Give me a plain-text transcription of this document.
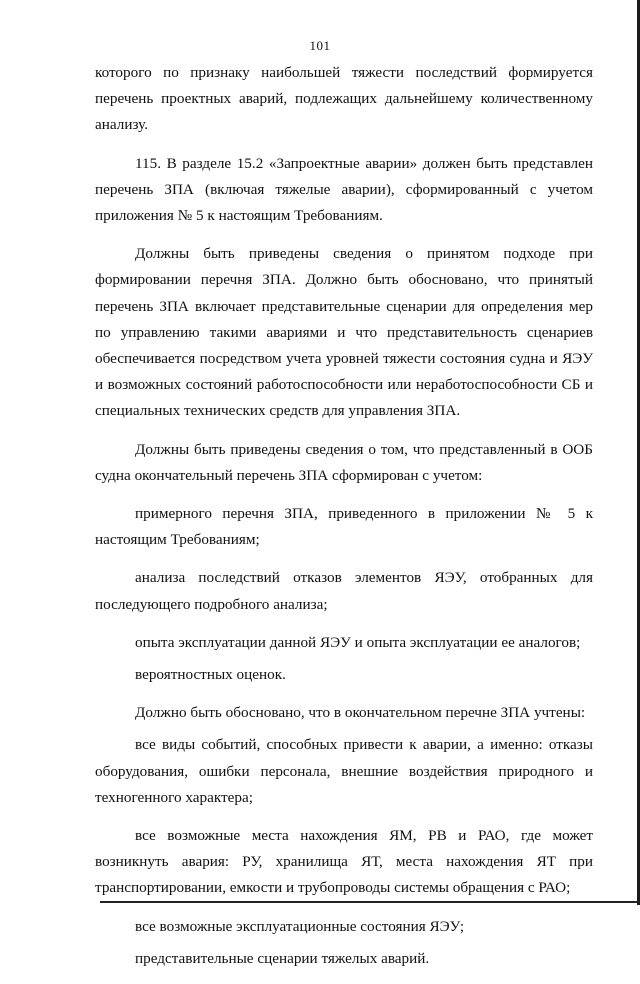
101

которого по признаку наибольшей тяжести последствий формируется перечень проектных аварий, подлежащих дальнейшему количественному анализу.

115. В разделе 15.2 «Запроектные аварии» должен быть представлен перечень ЗПА (включая тяжелые аварии), сформированный с учетом приложения № 5 к настоящим Требованиям.

Должны быть приведены сведения о принятом подходе при формировании перечня ЗПА. Должно быть обосновано, что принятый перечень ЗПА включает представительные сценарии для определения мер по управлению такими авариями и что представительность сценариев обеспечивается посредством учета уровней тяжести состояния судна и ЯЭУ и возможных состояний работоспособности или неработоспособности СБ и специальных технических средств для управления ЗПА.

Должны быть приведены сведения о том, что представленный в ООБ судна окончательный перечень ЗПА сформирован с учетом:

примерного перечня ЗПА, приведенного в приложении № 5 к настоящим Требованиям;

анализа последствий отказов элементов ЯЭУ, отобранных для последующего подробного анализа;

опыта эксплуатации данной ЯЭУ и опыта эксплуатации ее аналогов;

вероятностных оценок.

Должно быть обосновано, что в окончательном перечне ЗПА учтены:

все виды событий, способных привести к аварии, а именно: отказы оборудования, ошибки персонала, внешние воздействия природного и техногенного характера;

все возможные места нахождения ЯМ, РВ и РАО, где может возникнуть авария: РУ, хранилища ЯТ, места нахождения ЯТ при транспортировании, емкости и трубопроводы системы обращения с РАО;

все возможные эксплуатационные состояния ЯЭУ;

представительные сценарии тяжелых аварий.
